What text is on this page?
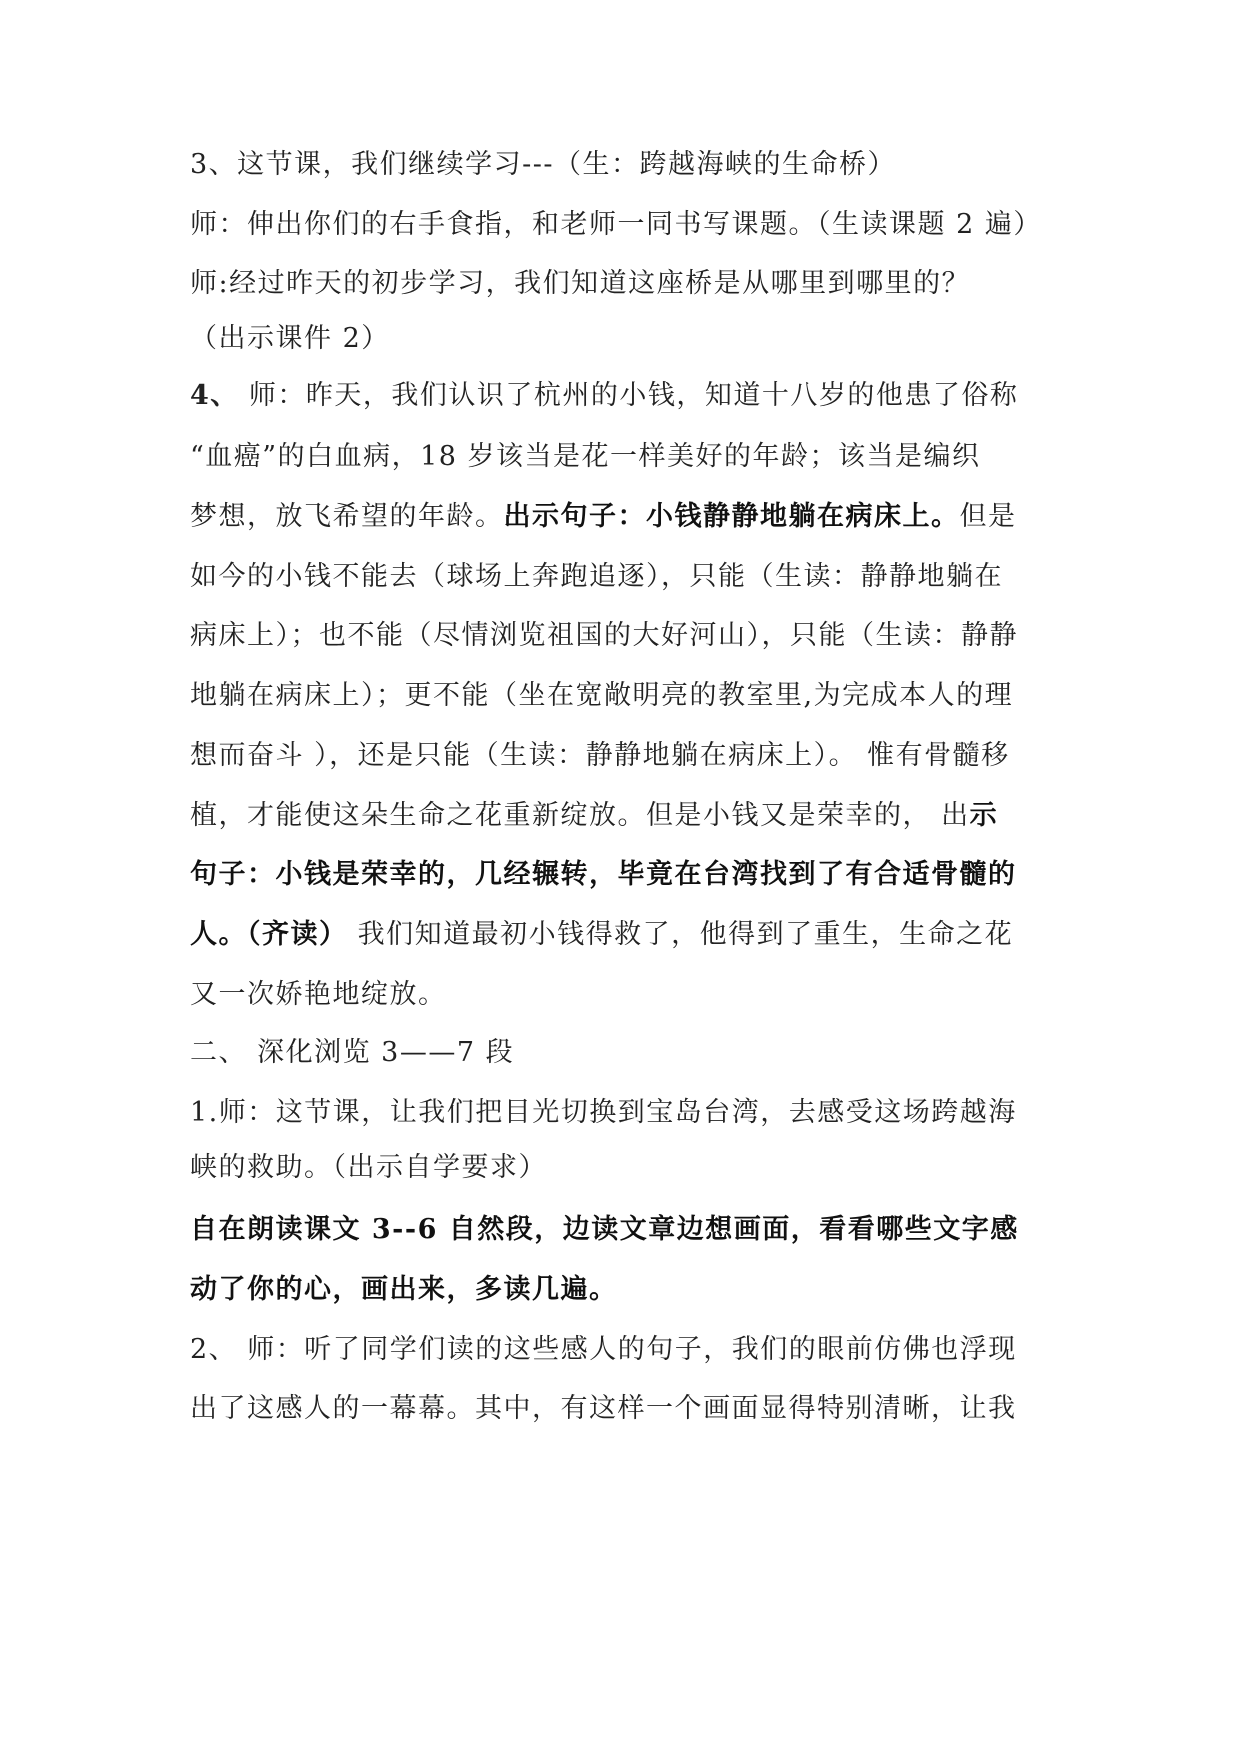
3、这节课，我们继续学习---（生：跨越海峡的生命桥）
师：伸出你们的右手食指，和老师一同书写课题。（生读课题 2 遍）
师:经过昨天的初步学习，我们知道这座桥是从哪里到哪里的？
（出示课件 2）
4、 师：昨天，我们认识了杭州的小钱，知道十八岁的他患了俗称
“血癌”的白血病，18 岁该当是花一样美好的年龄；该当是编织
梦想，放飞希望的年龄。出示句子：小钱静静地躺在病床上。但是
如今的小钱不能去（球场上奔跑追逐），只能（生读：静静地躺在
病床上）；也不能（尽情浏览祖国的大好河山），只能（生读：静静
地躺在病床上）；更不能（坐在宽敞明亮的教室里,为完成本人的理
想而奋斗 ），还是只能（生读：静静地躺在病床上）。 惟有骨髓移
植，才能使这朵生命之花重新绽放。但是小钱又是荣幸的， 出示
句子：小钱是荣幸的，几经辗转，毕竟在台湾找到了有合适骨髓的
人。（齐读） 我们知道最初小钱得救了，他得到了重生，生命之花
又一次娇艳地绽放。
二、 深化浏览 3——7 段
1.师：这节课，让我们把目光切换到宝岛台湾，去感受这场跨越海
峡的救助。（出示自学要求）
自在朗读课文 3--6 自然段，边读文章边想画面，看看哪些文字感
动了你的心，画出来，多读几遍。
2、 师：听了同学们读的这些感人的句子，我们的眼前仿佛也浮现
出了这感人的一幕幕。其中，有这样一个画面显得特别清晰，让我
